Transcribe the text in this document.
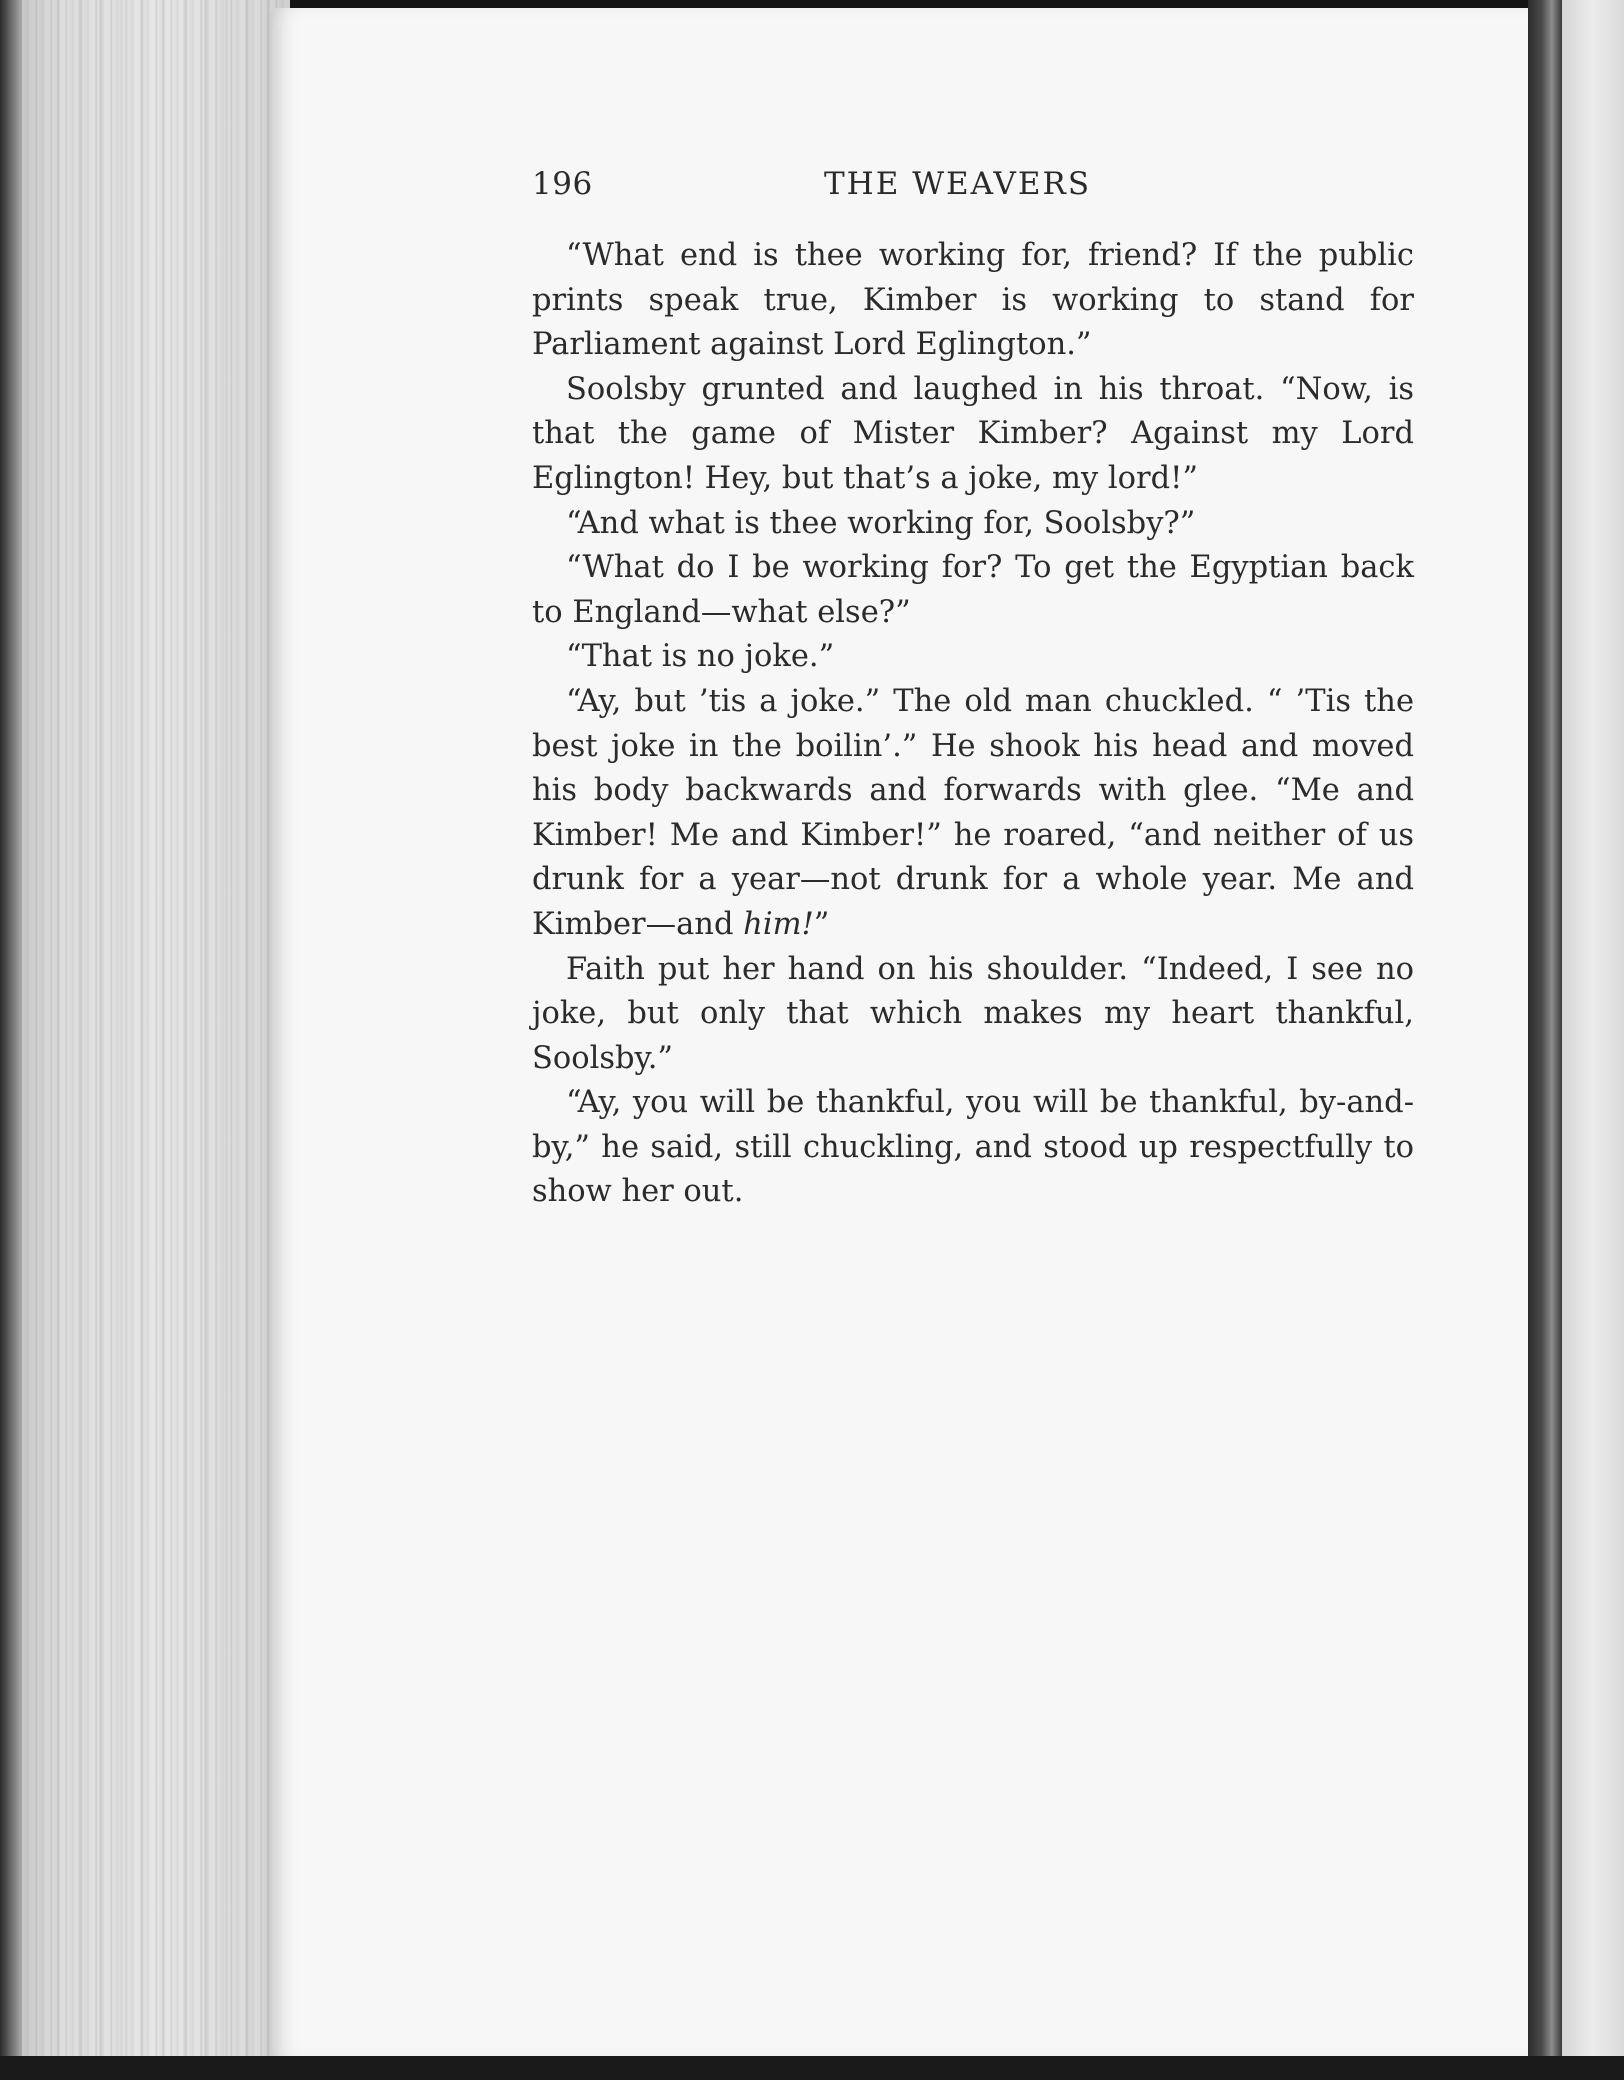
196	THE WEAVERS

“What end is thee working for, friend? If the public prints speak true, Kimber is working to stand for Parliament against Lord Eglington.”

Soolsby grunted and laughed in his throat. “Now, is that the game of Mister Kimber? Against my Lord Eglington! Hey, but that’s a joke, my lord!”

“And what is thee working for, Soolsby?”

“What do I be working for? To get the Egyptian back to England—what else?”

“That is no joke.”

“Ay, but ’tis a joke.” The old man chuckled. “ ’Tis the best joke in the boilin’.” He shook his head and moved his body backwards and forwards with glee. “Me and Kimber! Me and Kimber!” he roared, “and neither of us drunk for a year—not drunk for a whole year. Me and Kimber—and him!”

Faith put her hand on his shoulder. “Indeed, I see no joke, but only that which makes my heart thankful, Soolsby.”

“Ay, you will be thankful, you will be thankful, by-and-by,” he said, still chuckling, and stood up respectfully to show her out.
